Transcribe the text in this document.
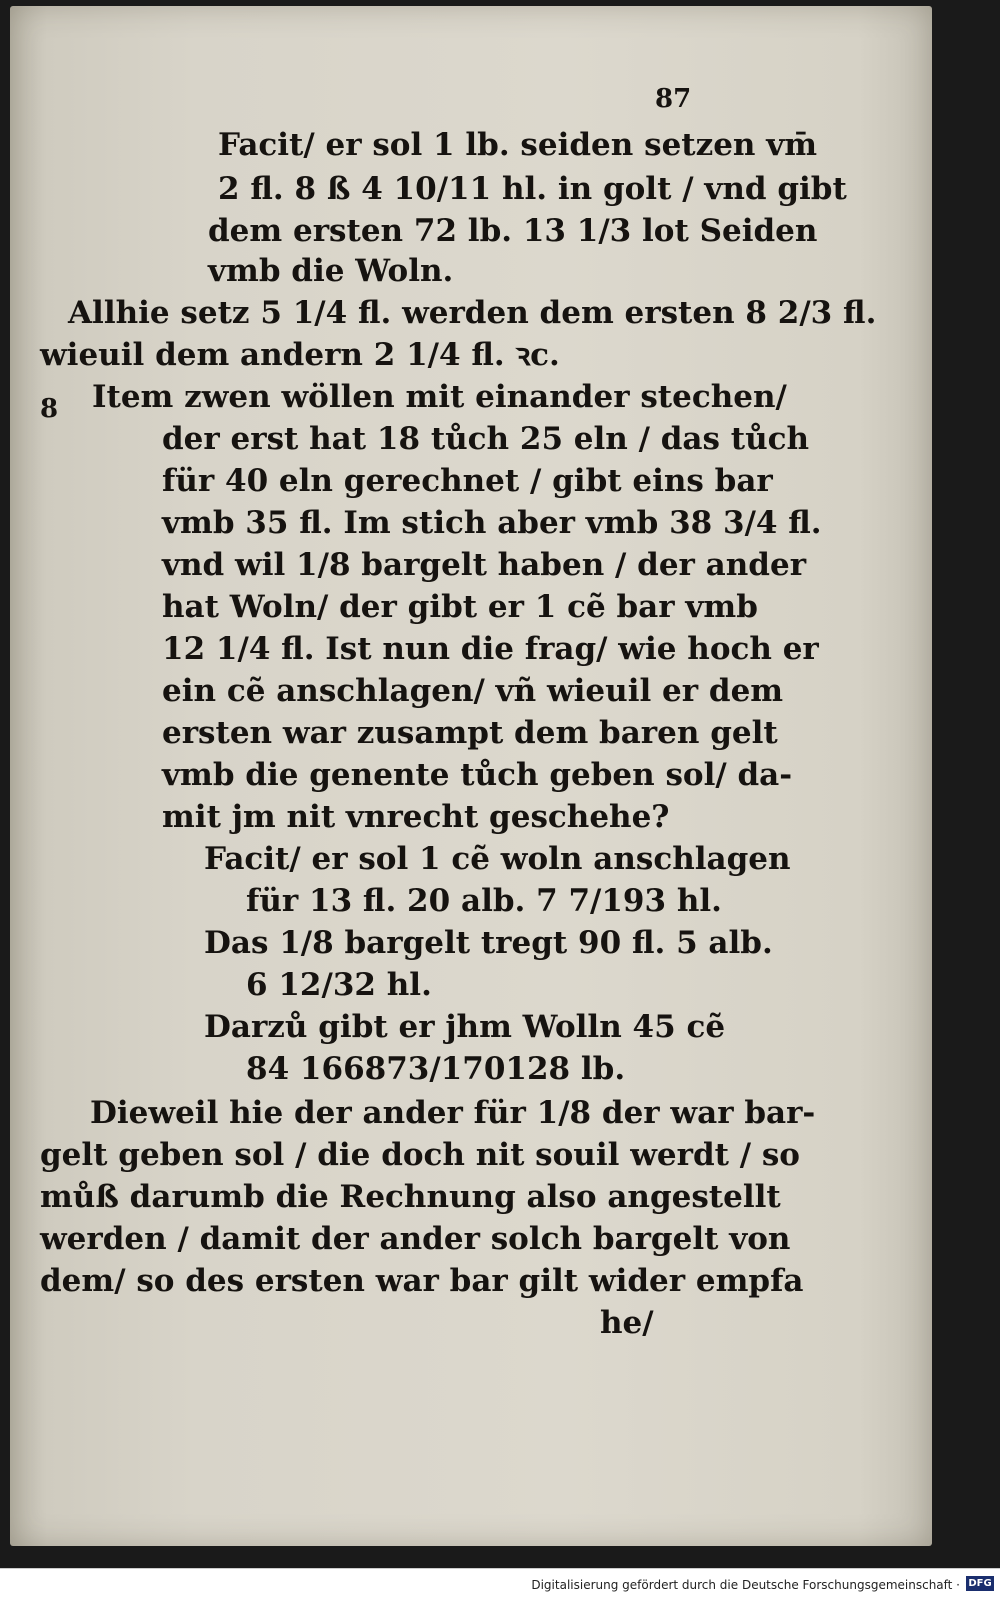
87
8
Facit/ er sol 1 lb. seiden setzen vm̄
2 fl. 8 ß 4 10/11 hl. in golt / vnd gibt
dem ersten 72 lb. 13 1/3 lot Seiden
vmb die Woln.
Allhie setz 5 1/4 fl. werden dem ersten 8 2/3 fl.
wieuil dem andern 2 1/4 fl. ꝛc.
Item zwen wöllen mit einander stechen/
der erst hat 18 tůch 25 eln / das tůch
für 40 eln gerechnet / gibt eins bar
vmb 35 fl. Im stich aber vmb 38 3/4 fl.
vnd wil 1/8 bargelt haben / der ander
hat Woln/ der gibt er 1 cẽ bar vmb
12 1/4 fl. Ist nun die frag/ wie hoch er
ein cẽ anschlagen/ vñ wieuil er dem
ersten war zusampt dem baren gelt
vmb die genente tůch geben sol/ da-
mit jm nit vnrecht geschehe?
Facit/ er sol 1 cẽ woln anschlagen
für 13 fl. 20 alb. 7 7/193 hl.
Das 1/8 bargelt tregt 90 fl. 5 alb.
6 12/32 hl.
Darzů gibt er jhm Wolln 45 cẽ
84 166873/170128 lb.
Dieweil hie der ander für 1/8 der war bar-
gelt geben sol / die doch nit souil werdt / so
můß darumb die Rechnung also angestellt
werden / damit der ander solch bargelt von
dem/ so des ersten war bar gilt wider empfa
he/
Digitalisierung gefördert durch die Deutsche Forschungsgemeinschaft · DFG
